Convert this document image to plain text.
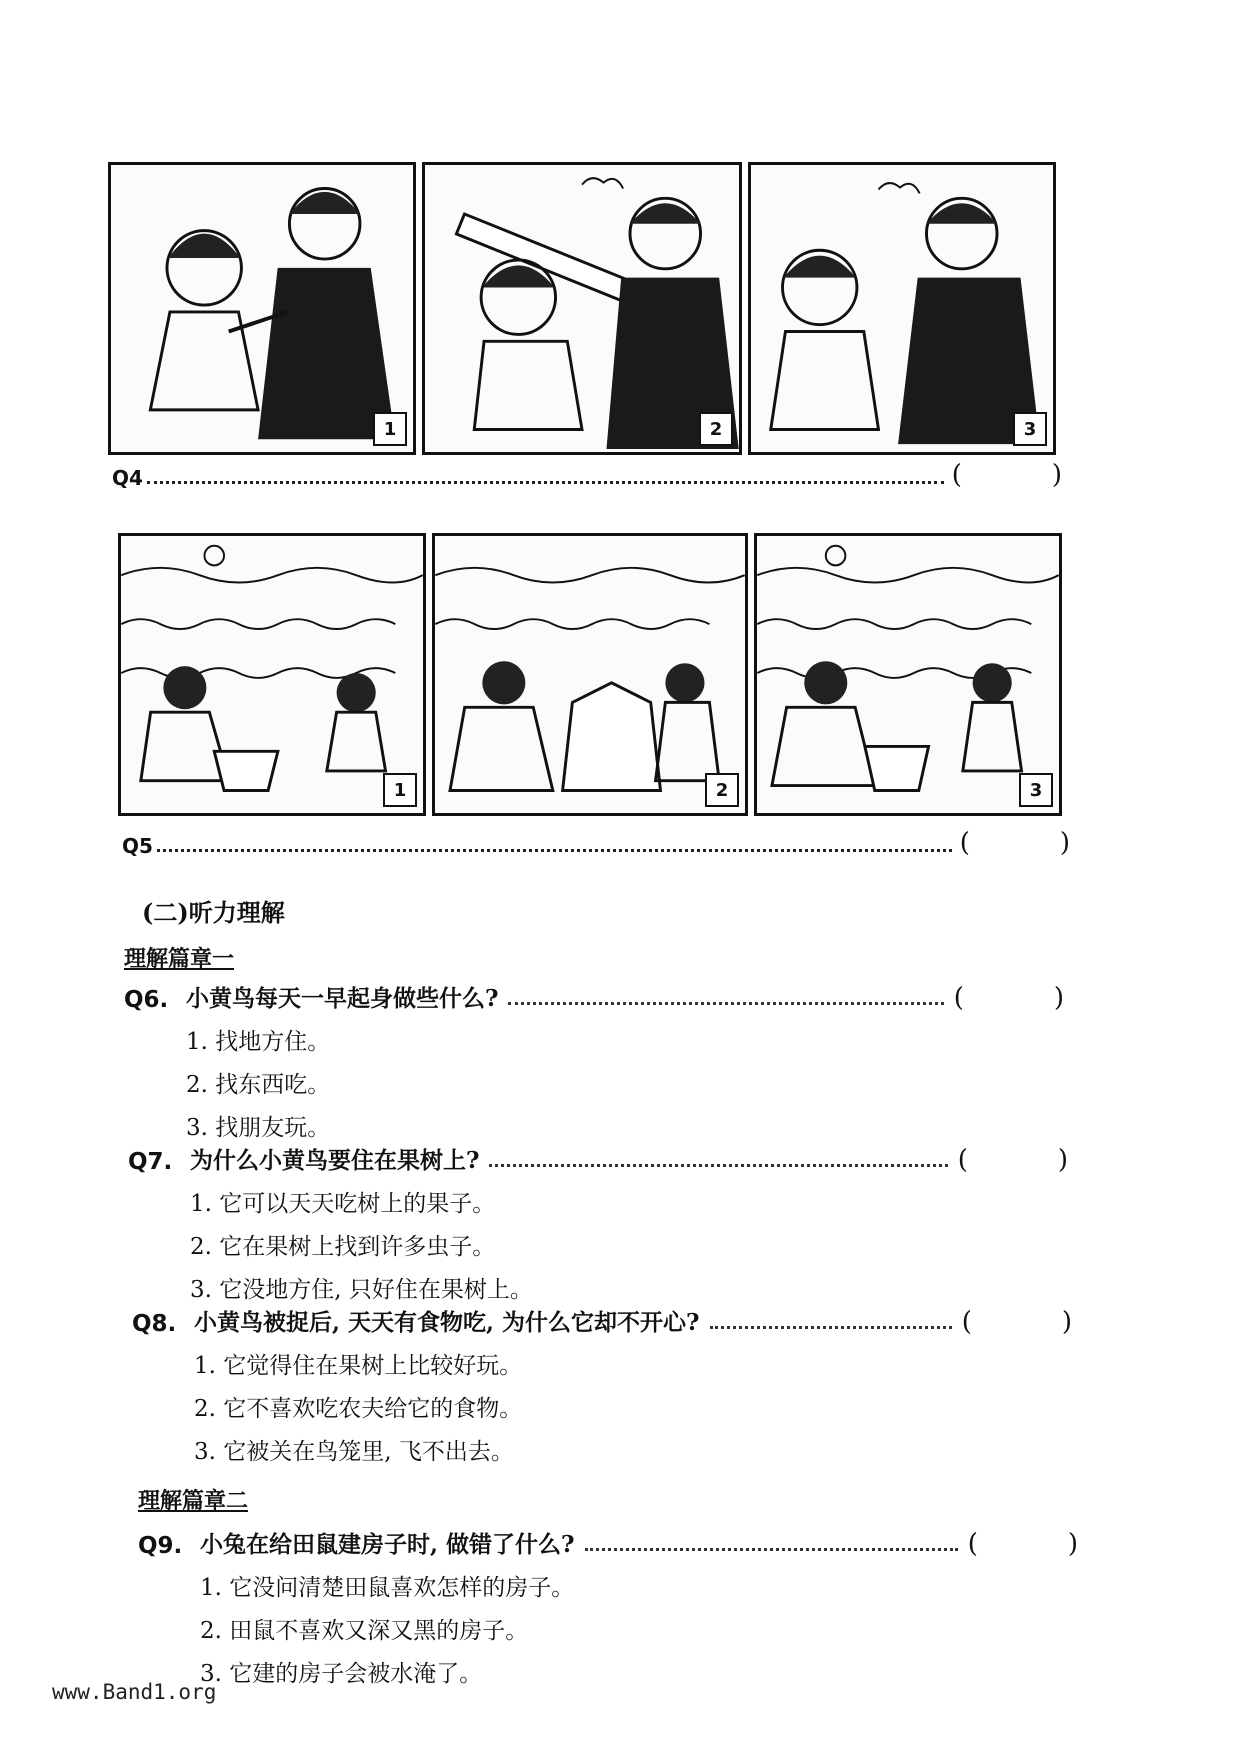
1	2	3
Q4	(	)
1	2	3
Q5	(	)
(二)听力理解
理解篇章一
Q6. 小黄鸟每天一早起身做些什么?	(	)
1. 找地方住。
2. 找东西吃。
3. 找朋友玩。
Q7. 为什么小黄鸟要住在果树上?	(	)
1. 它可以天天吃树上的果子。
2. 它在果树上找到许多虫子。
3. 它没地方住, 只好住在果树上。
Q8. 小黄鸟被捉后, 天天有食物吃, 为什么它却不开心?	(	)
1. 它觉得住在果树上比较好玩。
2. 它不喜欢吃农夫给它的食物。
3. 它被关在鸟笼里, 飞不出去。
理解篇章二
Q9. 小兔在给田鼠建房子时, 做错了什么?	(	)
1. 它没问清楚田鼠喜欢怎样的房子。
2. 田鼠不喜欢又深又黑的房子。
3. 它建的房子会被水淹了。
www.Band1.org
